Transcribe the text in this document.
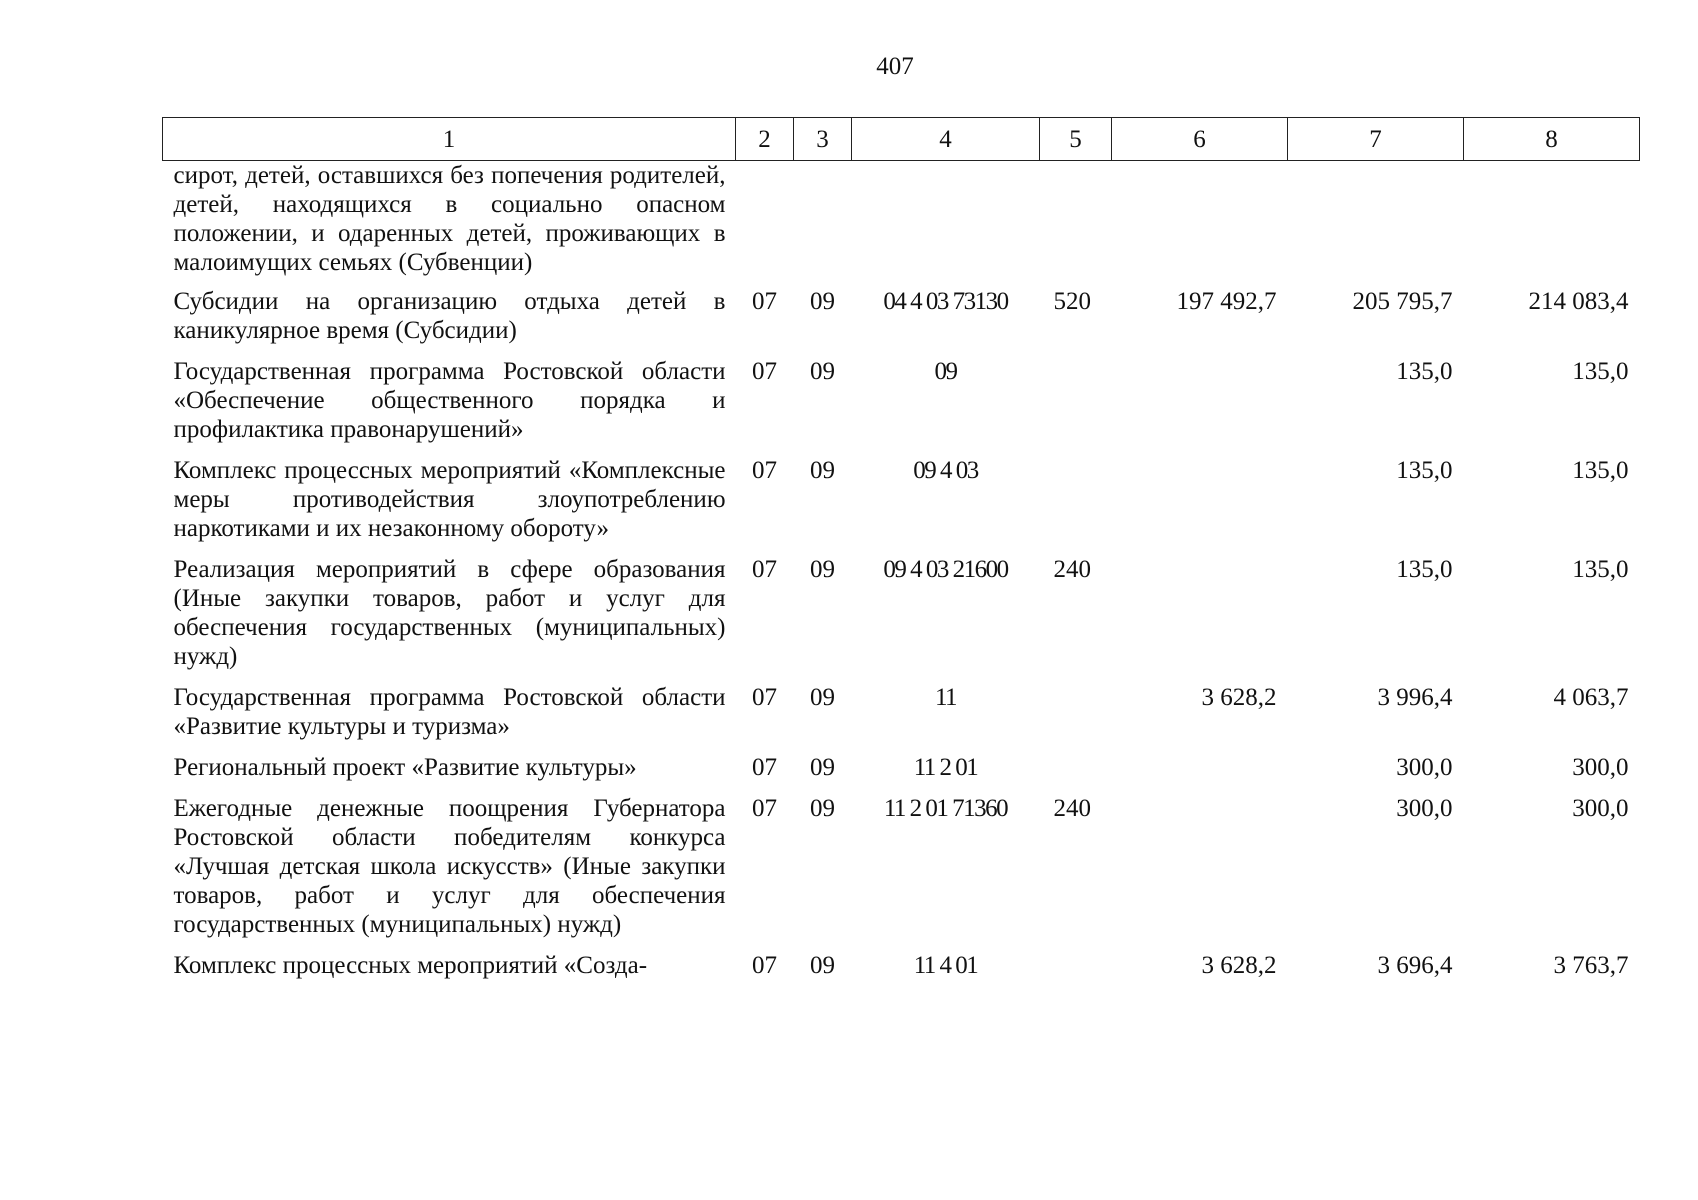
407
1	2	3	4	5	6	7	8
сирот, детей, оставшихся без попечения родителей, детей, находящихся в социально опасном положении, и одаренных детей, проживающих в малоимущих семьях (Субвенции)							
Субсидии на организацию отдыха детей в каникулярное время (Субсидии)	07	09	04 4 03 73130	520	197 492,7	205 795,7	214 083,4
Государственная программа Ростовской области «Обеспечение общественного порядка и профилактика правонарушений»	07	09	09			135,0	135,0
Комплекс процессных мероприятий «Комплексные меры противодействия злоупотреблению наркотиками и их незаконному обороту»	07	09	09 4 03			135,0	135,0
Реализация мероприятий в сфере образования (Иные закупки товаров, работ и услуг для обеспечения государственных (муниципальных) нужд)	07	09	09 4 03 21600	240		135,0	135,0
Государственная программа Ростовской области «Развитие культуры и туризма»	07	09	11		3 628,2	3 996,4	4 063,7
Региональный проект «Развитие культуры»	07	09	11 2 01			300,0	300,0
Ежегодные денежные поощрения Губернатора Ростовской области победителям конкурса «Лучшая детская школа искусств» (Иные закупки товаров, работ и услуг для обеспечения государственных (муниципальных) нужд)	07	09	11 2 01 71360	240		300,0	300,0
Комплекс процессных мероприятий «Созда-	07	09	11 4 01		3 628,2	3 696,4	3 763,7
